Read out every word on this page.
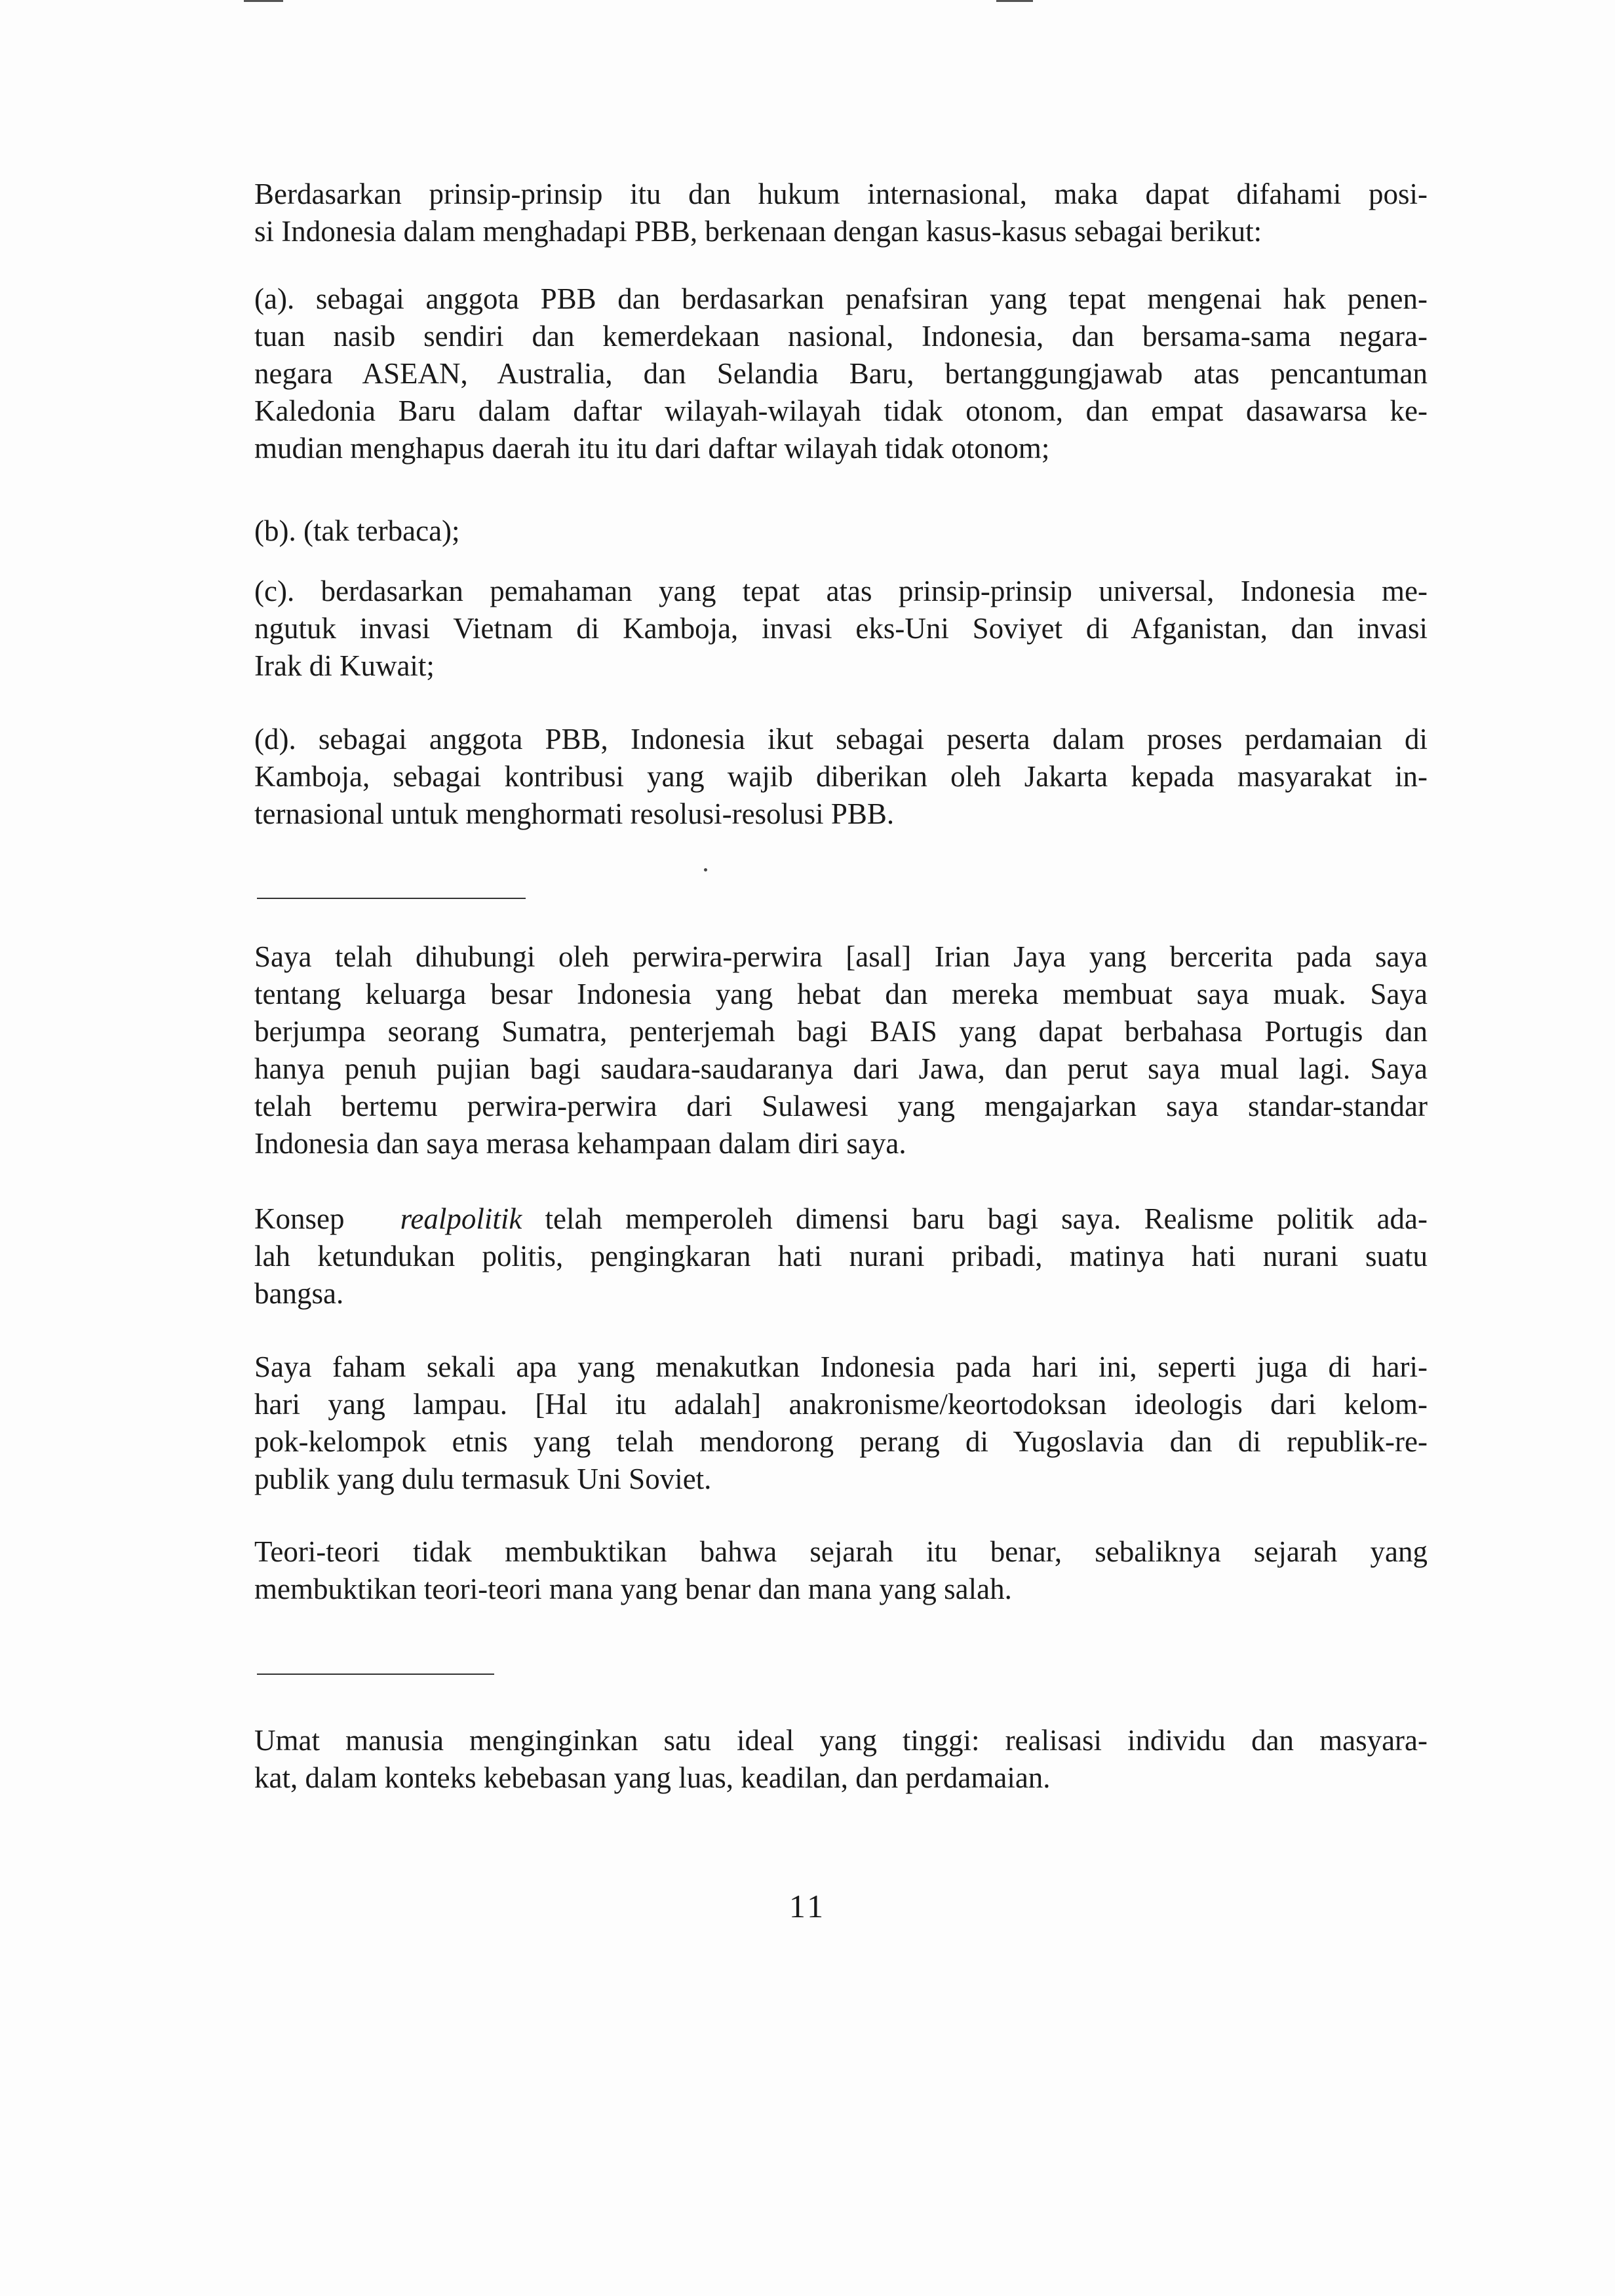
Berdasarkan prinsip-prinsip itu dan hukum internasional, maka dapat difahami posi-
si Indonesia dalam menghadapi PBB, berkenaan dengan kasus-kasus sebagai berikut:
(a). sebagai anggota PBB dan berdasarkan penafsiran yang tepat mengenai hak penen-
tuan nasib sendiri dan kemerdekaan nasional, Indonesia, dan bersama-sama negara-
negara ASEAN, Australia, dan Selandia Baru, bertanggungjawab atas pencantuman
Kaledonia Baru dalam daftar wilayah-wilayah tidak otonom, dan empat dasawarsa ke-
mudian menghapus daerah itu itu dari daftar wilayah tidak otonom;
(b). (tak terbaca);
(c). berdasarkan pemahaman yang tepat atas prinsip-prinsip universal, Indonesia me-
ngutuk invasi Vietnam di Kamboja, invasi eks-Uni Soviyet di Afganistan, dan invasi
Irak di Kuwait;
(d). sebagai anggota PBB, Indonesia ikut sebagai peserta dalam proses perdamaian di
Kamboja, sebagai kontribusi yang wajib diberikan oleh Jakarta kepada masyarakat in-
ternasional untuk menghormati resolusi-resolusi PBB.
Saya telah dihubungi oleh perwira-perwira [asal] Irian Jaya yang bercerita pada saya
tentang keluarga besar Indonesia yang hebat dan mereka membuat saya muak. Saya
berjumpa seorang Sumatra, penterjemah bagi BAIS yang dapat berbahasa Portugis dan
hanya penuh pujian bagi saudara-saudaranya dari Jawa, dan perut saya mual lagi. Saya
telah bertemu perwira-perwira dari Sulawesi yang mengajarkan saya standar-standar
Indonesia dan saya merasa kehampaan dalam diri saya.
Konsep realpolitik telah memperoleh dimensi baru bagi saya. Realisme politik ada-
lah ketundukan politis, pengingkaran hati nurani pribadi, matinya hati nurani suatu
bangsa.
Saya faham sekali apa yang menakutkan Indonesia pada hari ini, seperti juga di hari-
hari yang lampau. [Hal itu adalah] anakronisme/keortodoksan ideologis dari kelom-
pok-kelompok etnis yang telah mendorong perang di Yugoslavia dan di republik-re-
publik yang dulu termasuk Uni Soviet.
Teori-teori tidak membuktikan bahwa sejarah itu benar, sebaliknya sejarah yang
membuktikan teori-teori mana yang benar dan mana yang salah.
Umat manusia menginginkan satu ideal yang tinggi: realisasi individu dan masyara-
kat, dalam konteks kebebasan yang luas, keadilan, dan perdamaian.
11
